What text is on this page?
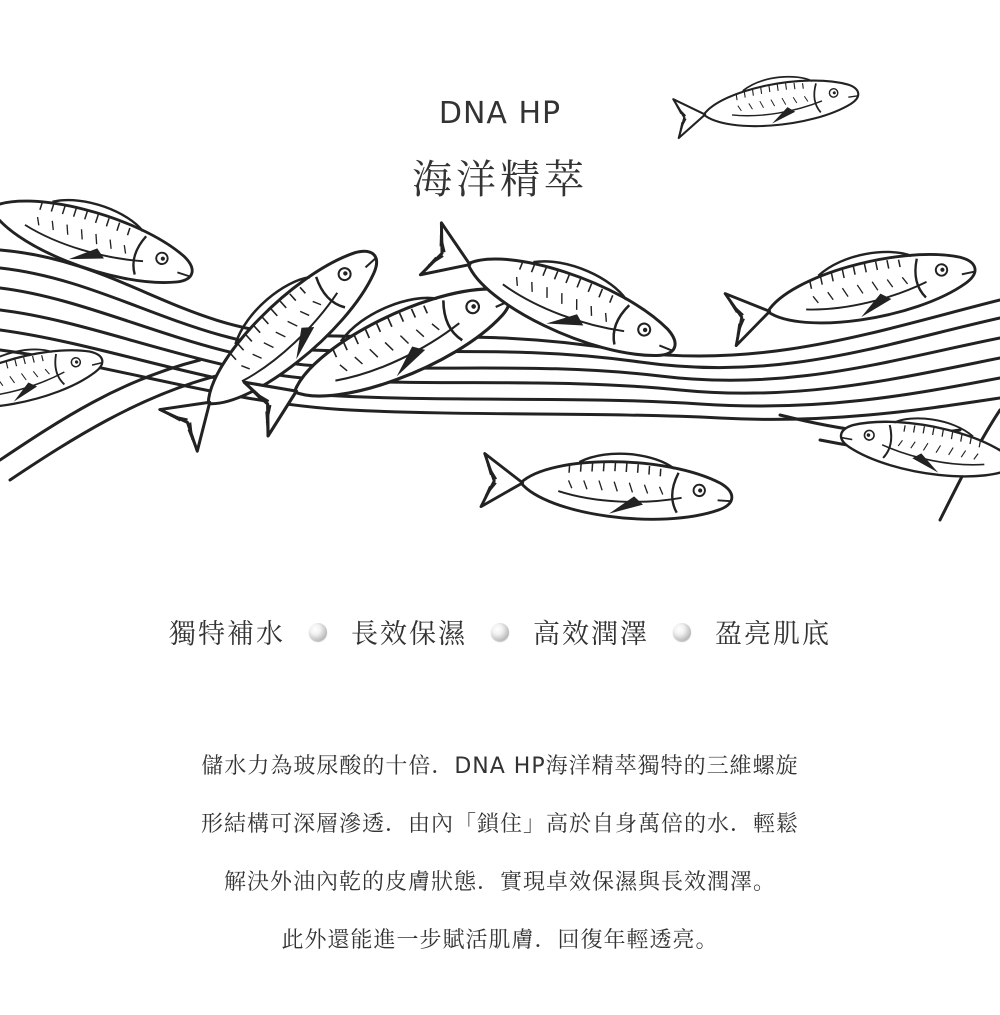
DNA HP
海洋精萃
獨特補水 長效保濕 高效潤澤 盈亮肌底
儲水力為玻尿酸的十倍．DNA HP海洋精萃獨特的三維螺旋
形結構可深層滲透．由內「鎖住」高於自身萬倍的水．輕鬆
解決外油內乾的皮膚狀態．實現卓效保濕與長效潤澤。
此外還能進一步賦活肌膚．回復年輕透亮。
